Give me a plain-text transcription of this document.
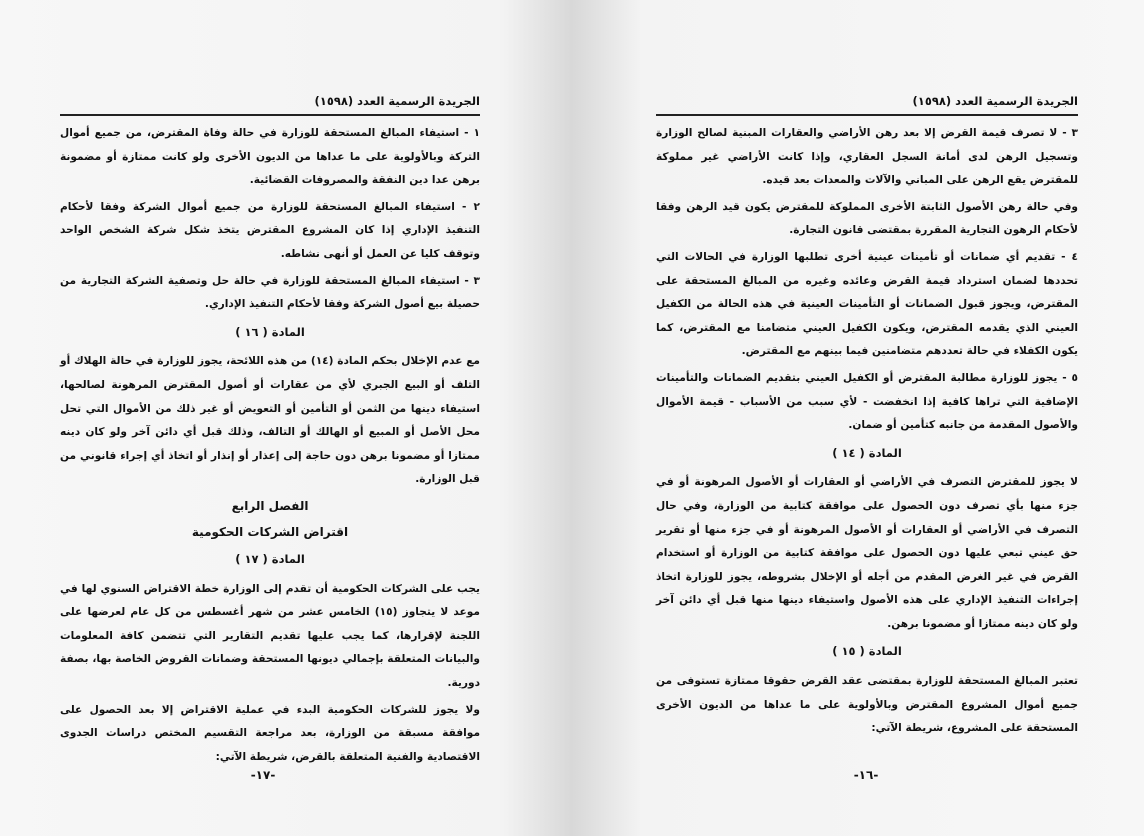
الجريدة الرسمية العدد (١٥٩٨)

١ - استيفاء المبالغ المستحقة للوزارة في حالة وفاة المقترض، من جميع أموال التركة وبالأولوية على ما عداها من الديون الأخرى ولو كانت ممتازة أو مضمونة برهن عدا دين النفقة والمصروفات القضائية.

٢ - استيفاء المبالغ المستحقة للوزارة من جميع أموال الشركة وفقا لأحكام التنفيذ الإداري إذا كان المشروع المقترض يتخذ شكل شركة الشخص الواحد وتوقف كليا عن العمل أو أنهى نشاطه.

٣ - استيفاء المبالغ المستحقة للوزارة في حالة حل وتصفية الشركة التجارية من حصيلة بيع أصول الشركة وفقا لأحكام التنفيذ الإداري.

المادة ( ١٦ )

مع عدم الإخلال بحكم المادة (١٤) من هذه اللائحة، يجوز للوزارة في حالة الهلاك أو التلف أو البيع الجبري لأي من عقارات أو أصول المقترض المرهونة لصالحها، استيفاء دينها من الثمن أو التأمين أو التعويض أو غير ذلك من الأموال التي تحل محل الأصل أو المبيع أو الهالك أو التالف، وذلك قبل أي دائن آخر ولو كان دينه ممتازا أو مضمونا برهن دون حاجة إلى إعذار أو إنذار أو اتخاذ أي إجراء قانوني من قبل الوزارة.

الفصل الرابع
اقتراض الشركات الحكومية
المادة ( ١٧ )

يجب على الشركات الحكومية أن تقدم إلى الوزارة خطة الاقتراض السنوي لها في موعد لا يتجاوز (١٥) الخامس عشر من شهر أغسطس من كل عام لعرضها على اللجنة لإقرارها، كما يجب عليها تقديم التقارير التي تتضمن كافة المعلومات والبيانات المتعلقة بإجمالي ديونها المستحقة وضمانات القروض الخاصة بها، بصفة دورية.

ولا يجوز للشركات الحكومية البدء في عملية الاقتراض إلا بعد الحصول على موافقة مسبقة من الوزارة، بعد مراجعة التقسيم المختص دراسات الجدوى الاقتصادية والفنية المتعلقة بالقرض، شريطة الآتي:

-١٧-
الجريدة الرسمية العدد (١٥٩٨)

٣ - لا تصرف قيمة القرض إلا بعد رهن الأراضي والعقارات المبنية لصالح الوزارة وتسجيل الرهن لدى أمانة السجل العقاري، وإذا كانت الأراضي غير مملوكة للمقترض يقع الرهن على المباني والآلات والمعدات بعد قيده.

وفي حالة رهن الأصول الثابتة الأخرى المملوكة للمقترض يكون قيد الرهن وفقا لأحكام الرهون التجارية المقررة بمقتضى قانون التجارة.

٤ - تقديم أي ضمانات أو تأمينات عينية أخرى تطلبها الوزارة في الحالات التي تحددها لضمان استرداد قيمة القرض وعائده وغيره من المبالغ المستحقة على المقترض، ويجوز قبول الضمانات أو التأمينات العينية في هذه الحالة من الكفيل العيني الذي يقدمه المقترض، ويكون الكفيل العيني متضامنا مع المقترض، كما يكون الكفلاء في حالة تعددهم متضامنين فيما بينهم مع المقترض.

٥ - يجوز للوزارة مطالبة المقترض أو الكفيل العيني بتقديم الضمانات والتأمينات الإضافية التي تراها كافية إذا انخفضت - لأي سبب من الأسباب - قيمة الأموال والأصول المقدمة من جانبه كتأمين أو ضمان.

المادة ( ١٤ )

لا يجوز للمقترض التصرف في الأراضي أو العقارات أو الأصول المرهونة أو في جزء منها بأي تصرف دون الحصول على موافقة كتابية من الوزارة، وفي حال التصرف في الأراضي أو العقارات أو الأصول المرهونة أو في جزء منها أو تقرير حق عيني تبعي عليها دون الحصول على موافقة كتابية من الوزارة أو استخدام القرض في غير الغرض المقدم من أجله أو الإخلال بشروطه، يجوز للوزارة اتخاذ إجراءات التنفيذ الإداري على هذه الأصول واستيفاء دينها منها قبل أي دائن آخر ولو كان دينه ممتازا أو مضمونا برهن.

المادة ( ١٥ )

تعتبر المبالغ المستحقة للوزارة بمقتضى عقد القرض حقوقا ممتازة تستوفى من جميع أموال المشروع المقترض وبالأولوية على ما عداها من الديون الأخرى المستحقة على المشروع، شريطة الآتي:

-١٦-
